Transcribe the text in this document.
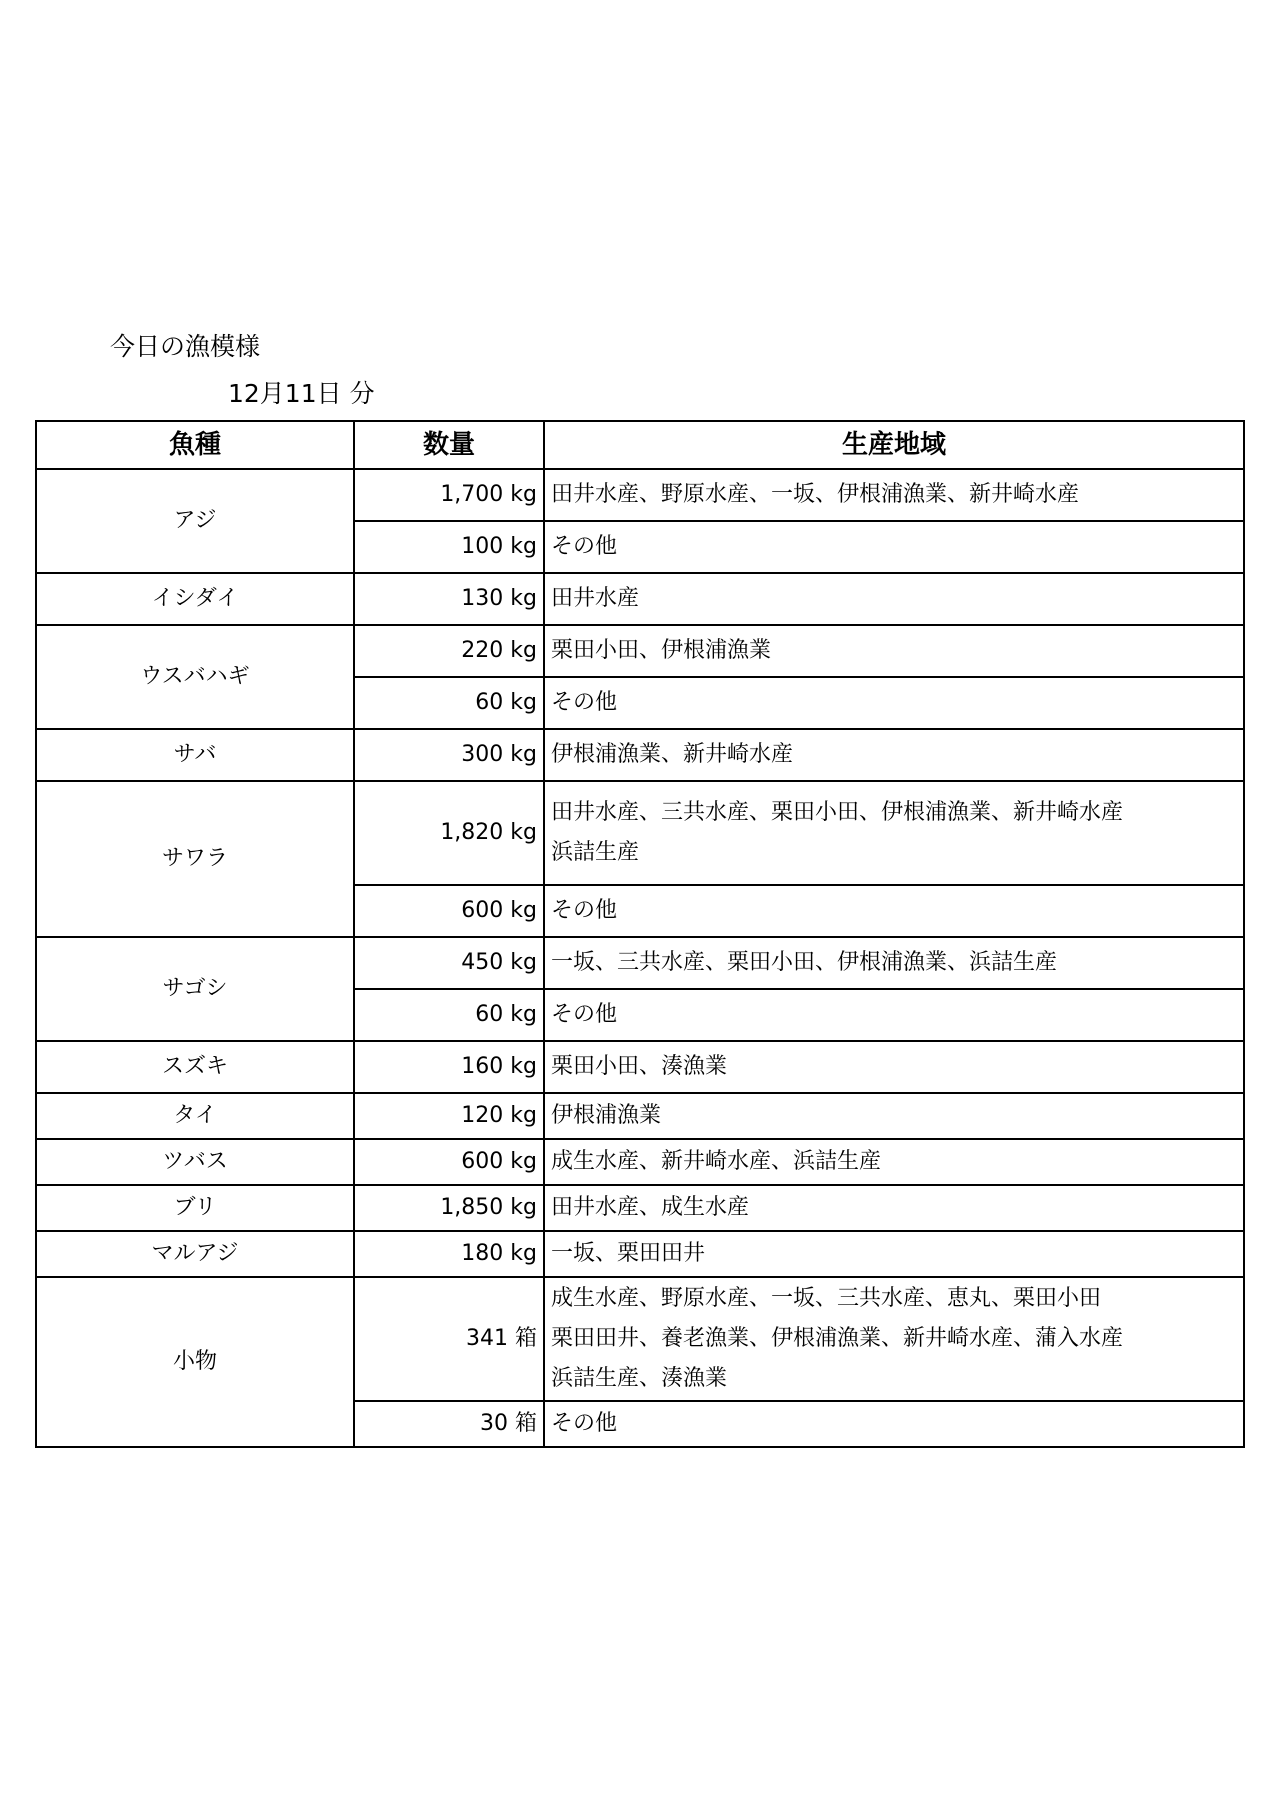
今日の漁模様
12月11日 分
魚種	数量	生産地域
アジ	1,700 kg	田井水産、野原水産、一坂、伊根浦漁業、新井崎水産

	100 kg	その他

イシダイ	130 kg	田井水産

ウスバハギ	220 kg	栗田小田、伊根浦漁業

	60 kg	その他

サバ	300 kg	伊根浦漁業、新井崎水産

サワラ	1,820 kg	田井水産、三共水産、栗田小田、伊根浦漁業、新井崎水産
浜詰生産

	600 kg	その他

サゴシ	450 kg	一坂、三共水産、栗田小田、伊根浦漁業、浜詰生産

	60 kg	その他

スズキ	160 kg	栗田小田、湊漁業

タイ	120 kg	伊根浦漁業

ツバス	600 kg	成生水産、新井崎水産、浜詰生産

ブリ	1,850 kg	田井水産、成生水産

マルアジ	180 kg	一坂、栗田田井

小物	341 箱	成生水産、野原水産、一坂、三共水産、恵丸、栗田小田
栗田田井、養老漁業、伊根浦漁業、新井崎水産、蒲入水産
浜詰生産、湊漁業

	30 箱	その他
